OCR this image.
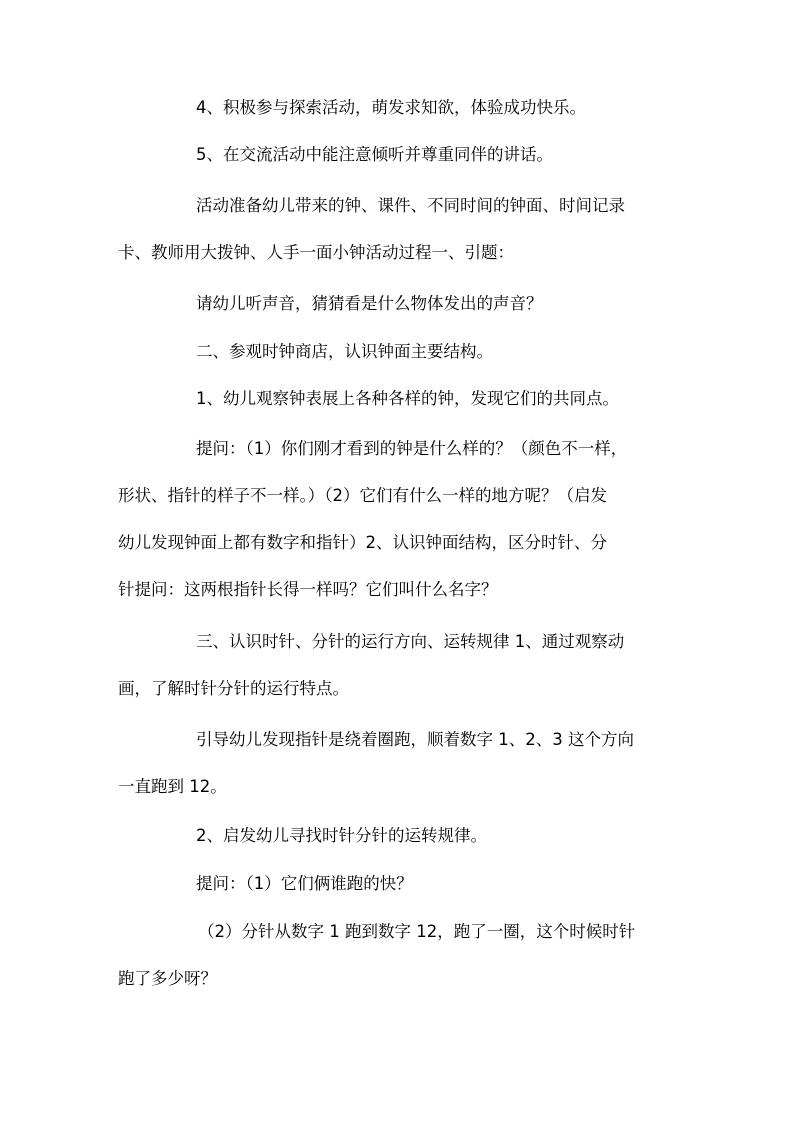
4、积极参与探索活动，萌发求知欲，体验成功快乐。
5、在交流活动中能注意倾听并尊重同伴的讲话。
活动准备幼儿带来的钟、课件、不同时间的钟面、时间记录
卡、教师用大拨钟、人手一面小钟活动过程一、引题：
请幼儿听声音，猜猜看是什么物体发出的声音？
二、参观时钟商店，认识钟面主要结构。
1、幼儿观察钟表展上各种各样的钟，发现它们的共同点。
提问：（1）你们刚才看到的钟是什么样的？（颜色不一样，
形状、指针的样子不一样。）（2）它们有什么一样的地方呢？（启发
幼儿发现钟面上都有数字和指针）2、认识钟面结构，区分时针、分
针提问：这两根指针长得一样吗？它们叫什么名字？
三、认识时针、分针的运行方向、运转规律 1、通过观察动
画，了解时针分针的运行特点。
引导幼儿发现指针是绕着圈跑，顺着数字 1、2、3 这个方向
一直跑到 12。
2、启发幼儿寻找时针分针的运转规律。
提问：（1）它们俩谁跑的快？
（2）分针从数字 1 跑到数字 12，跑了一圈，这个时候时针
跑了多少呀？
